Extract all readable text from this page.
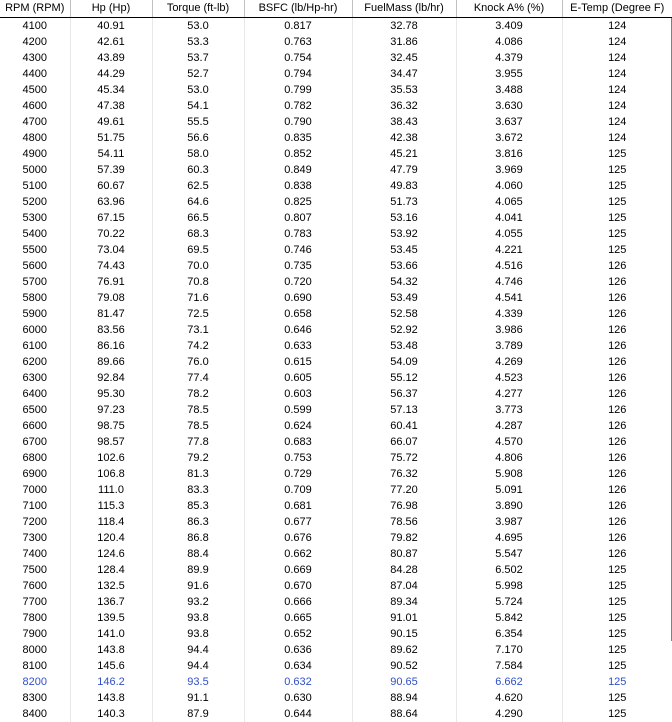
RPM (RPM)	Hp (Hp)	Torque (ft-lb)	BSFC (lb/Hp-hr)	FuelMass (lb/hr)	Knock A% (%)	E-Temp (Degree F)
4100	40.91	53.0	0.817	32.78	3.409	124
4200	42.61	53.3	0.763	31.86	4.086	124
4300	43.89	53.7	0.754	32.45	4.379	124
4400	44.29	52.7	0.794	34.47	3.955	124
4500	45.34	53.0	0.799	35.53	3.488	124
4600	47.38	54.1	0.782	36.32	3.630	124
4700	49.61	55.5	0.790	38.43	3.637	124
4800	51.75	56.6	0.835	42.38	3.672	124
4900	54.11	58.0	0.852	45.21	3.816	125
5000	57.39	60.3	0.849	47.79	3.969	125
5100	60.67	62.5	0.838	49.83	4.060	125
5200	63.96	64.6	0.825	51.73	4.065	125
5300	67.15	66.5	0.807	53.16	4.041	125
5400	70.22	68.3	0.783	53.92	4.055	125
5500	73.04	69.5	0.746	53.45	4.221	125
5600	74.43	70.0	0.735	53.66	4.516	126
5700	76.91	70.8	0.720	54.32	4.746	126
5800	79.08	71.6	0.690	53.49	4.541	126
5900	81.47	72.5	0.658	52.58	4.339	126
6000	83.56	73.1	0.646	52.92	3.986	126
6100	86.16	74.2	0.633	53.48	3.789	126
6200	89.66	76.0	0.615	54.09	4.269	126
6300	92.84	77.4	0.605	55.12	4.523	126
6400	95.30	78.2	0.603	56.37	4.277	126
6500	97.23	78.5	0.599	57.13	3.773	126
6600	98.75	78.5	0.624	60.41	4.287	126
6700	98.57	77.8	0.683	66.07	4.570	126
6800	102.6	79.2	0.753	75.72	4.806	126
6900	106.8	81.3	0.729	76.32	5.908	126
7000	111.0	83.3	0.709	77.20	5.091	126
7100	115.3	85.3	0.681	76.98	3.890	126
7200	118.4	86.3	0.677	78.56	3.987	126
7300	120.4	86.8	0.676	79.82	4.695	126
7400	124.6	88.4	0.662	80.87	5.547	126
7500	128.4	89.9	0.669	84.28	6.502	125
7600	132.5	91.6	0.670	87.04	5.998	125
7700	136.7	93.2	0.666	89.34	5.724	125
7800	139.5	93.8	0.665	91.01	5.842	125
7900	141.0	93.8	0.652	90.15	6.354	125
8000	143.8	94.4	0.636	89.62	7.170	125
8100	145.6	94.4	0.634	90.52	7.584	125
8200	146.2	93.5	0.632	90.65	6.662	125
8300	143.8	91.1	0.630	88.94	4.620	125
8400	140.3	87.9	0.644	88.64	4.290	125
